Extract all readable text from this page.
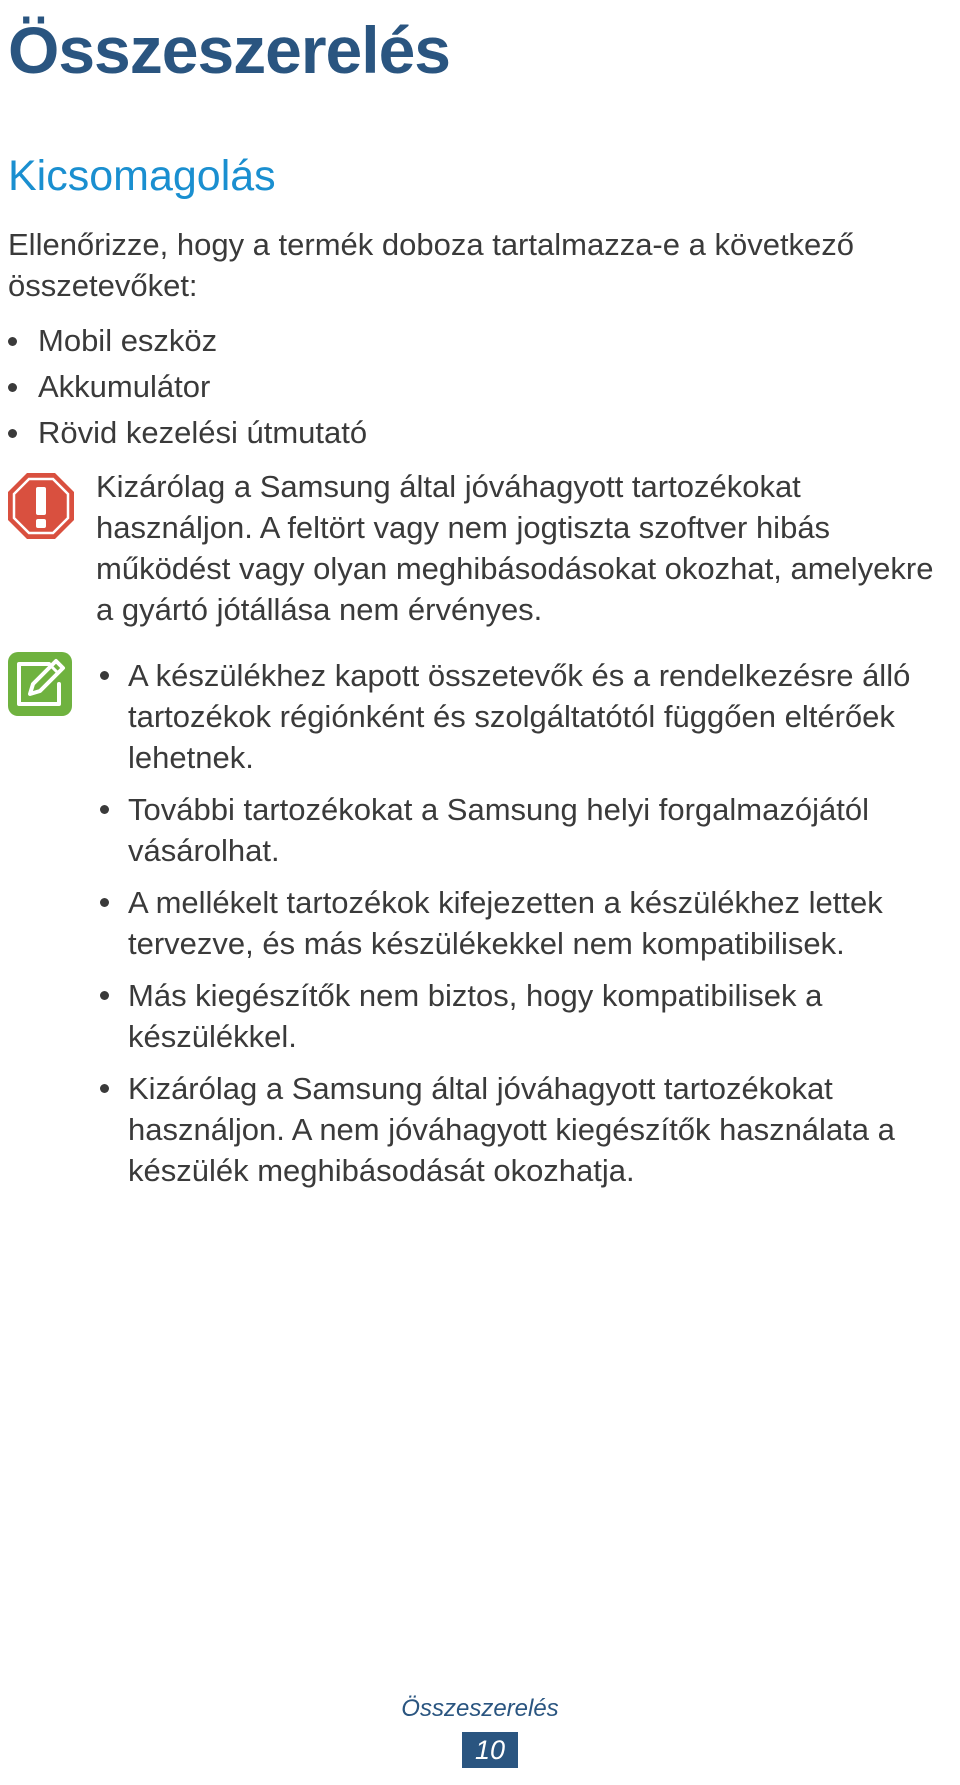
Összeszerelés
Kicsomagolás

Ellenőrizze, hogy a termék doboza tartalmazza-e a következő összetevőket:

Mobil eszköz
Akkumulátor
Rövid kezelési útmutató

Kizárólag a Samsung által jóváhagyott tartozékokat használjon. A feltört vagy nem jogtiszta szoftver hibás működést vagy olyan meghibásodásokat okozhat, amelyekre a gyártó jótállása nem érvényes.

A készülékhez kapott összetevők és a rendelkezésre álló tartozékok régiónként és szolgáltatótól függően eltérőek lehetnek.
További tartozékokat a Samsung helyi forgalmazójától vásárolhat.
A mellékelt tartozékok kifejezetten a készülékhez lettek tervezve, és más készülékekkel nem kompatibilisek.
Más kiegészítők nem biztos, hogy kompatibilisek a készülékkel.
Kizárólag a Samsung által jóváhagyott tartozékokat használjon. A nem jóváhagyott kiegészítők használata a készülék meghibásodását okozhatja.
Összeszerelés
10
